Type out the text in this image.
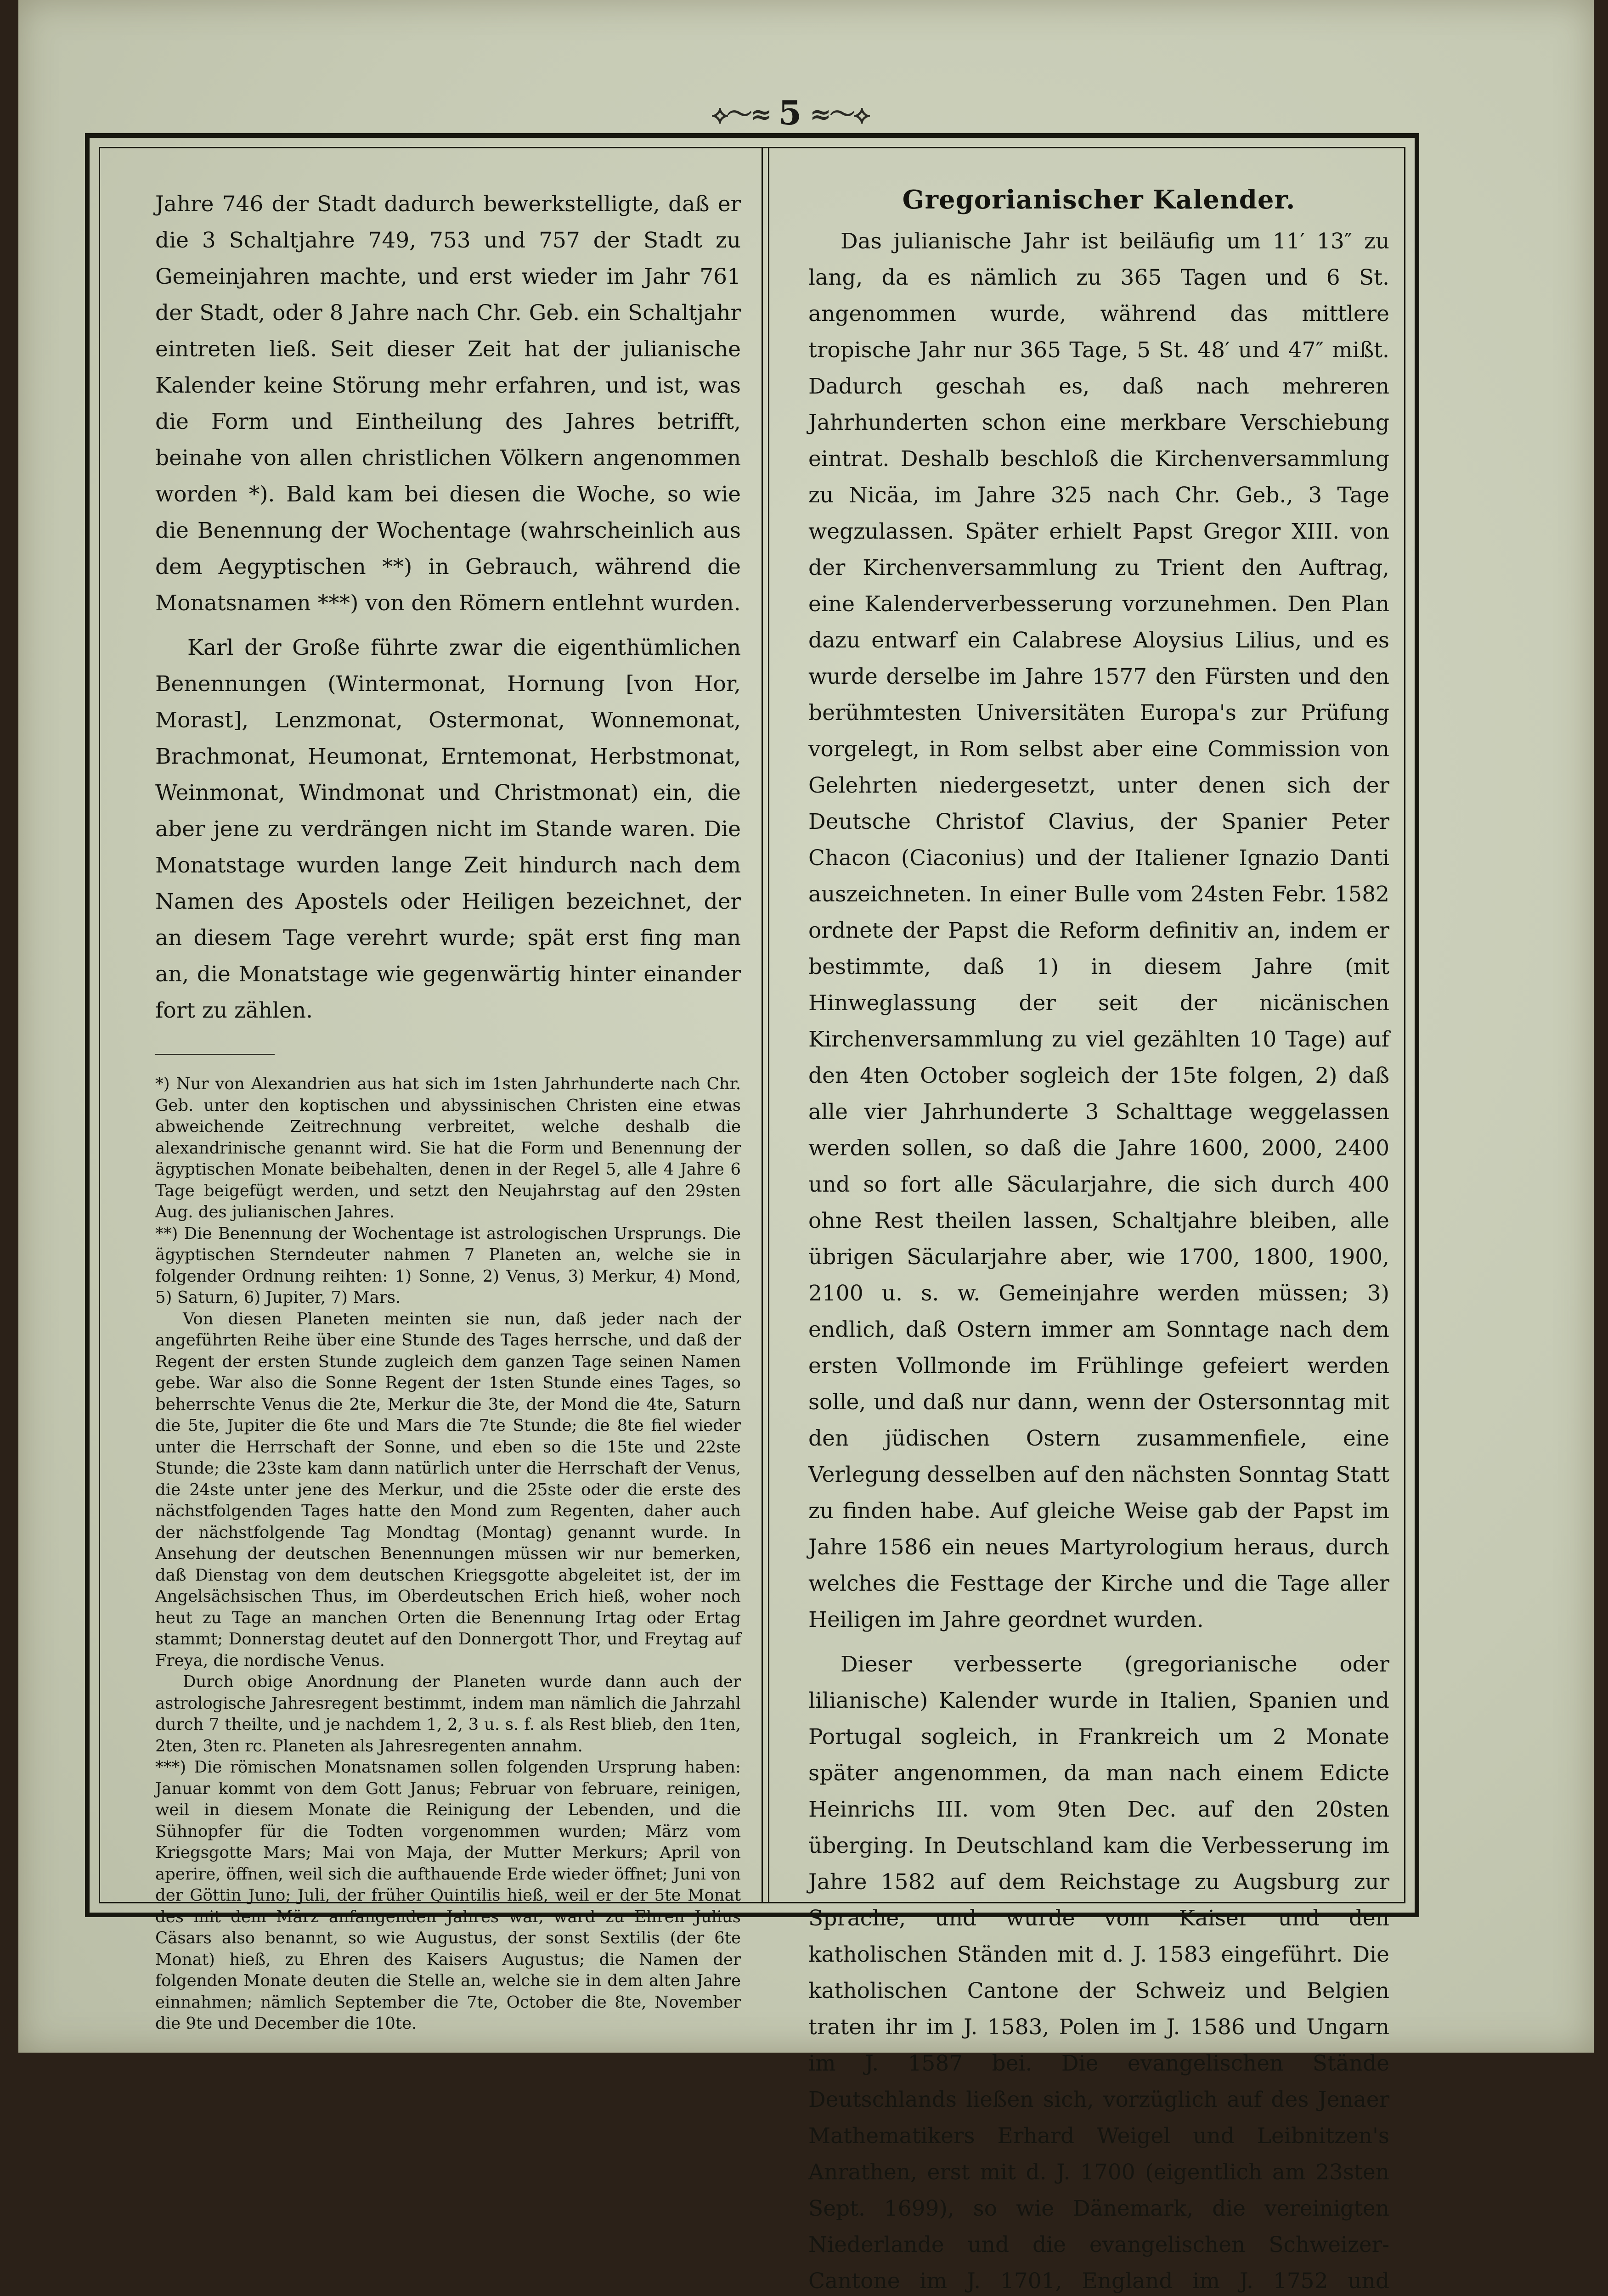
⟡〜≈ 5 ≈〜⟡

Jahre 746 der Stadt dadurch bewerkstelligte, daß er die 3 Schaltjahre 749, 753 und 757 der Stadt zu Gemeinjahren machte, und erst wieder im Jahr 761 der Stadt, oder 8 Jahre nach Chr. Geb. ein Schaltjahr eintreten ließ. Seit dieser Zeit hat der julianische Kalender keine Störung mehr erfahren, und ist, was die Form und Eintheilung des Jahres betrifft, beinahe von allen christlichen Völkern angenommen worden *). Bald kam bei diesen die Woche, so wie die Benennung der Wochentage (wahrscheinlich aus dem Aegyptischen **) in Gebrauch, während die Monatsnamen ***) von den Römern entlehnt wurden.

Karl der Große führte zwar die eigenthümlichen Benennungen (Wintermonat, Hornung [von Hor, Morast], Lenzmonat, Ostermonat, Wonnemonat, Brachmonat, Heumonat, Erntemonat, Herbstmonat, Weinmonat, Windmonat und Christmonat) ein, die aber jene zu verdrängen nicht im Stande waren. Die Monatstage wurden lange Zeit hindurch nach dem Namen des Apostels oder Heiligen bezeichnet, der an diesem Tage verehrt wurde; spät erst fing man an, die Monatstage wie gegenwärtig hinter einander fort zu zählen.

*) Nur von Alexandrien aus hat sich im 1sten Jahrhunderte nach Chr. Geb. unter den koptischen und abyssinischen Christen eine etwas abweichende Zeitrechnung verbreitet, welche deshalb die alexandrinische genannt wird. Sie hat die Form und Benennung der ägyptischen Monate beibehalten, denen in der Regel 5, alle 4 Jahre 6 Tage beigefügt werden, und setzt den Neujahrstag auf den 29sten Aug. des julianischen Jahres.

**) Die Benennung der Wochentage ist astrologischen Ursprungs. Die ägyptischen Sterndeuter nahmen 7 Planeten an, welche sie in folgender Ordnung reihten: 1) Sonne, 2) Venus, 3) Merkur, 4) Mond, 5) Saturn, 6) Jupiter, 7) Mars.

Von diesen Planeten meinten sie nun, daß jeder nach der angeführten Reihe über eine Stunde des Tages herrsche, und daß der Regent der ersten Stunde zugleich dem ganzen Tage seinen Namen gebe. War also die Sonne Regent der 1sten Stunde eines Tages, so beherrschte Venus die 2te, Merkur die 3te, der Mond die 4te, Saturn die 5te, Jupiter die 6te und Mars die 7te Stunde; die 8te fiel wieder unter die Herrschaft der Sonne, und eben so die 15te und 22ste Stunde; die 23ste kam dann natürlich unter die Herrschaft der Venus, die 24ste unter jene des Merkur, und die 25ste oder die erste des nächstfolgenden Tages hatte den Mond zum Regenten, daher auch der nächstfolgende Tag Mondtag (Montag) genannt wurde. In Ansehung der deutschen Benennungen müssen wir nur bemerken, daß Dienstag von dem deutschen Kriegsgotte abgeleitet ist, der im Angelsächsischen Thus, im Oberdeutschen Erich hieß, woher noch heut zu Tage an manchen Orten die Benennung Irtag oder Ertag stammt; Donnerstag deutet auf den Donnergott Thor, und Freytag auf Freya, die nordische Venus.

Durch obige Anordnung der Planeten wurde dann auch der astrologische Jahresregent bestimmt, indem man nämlich die Jahrzahl durch 7 theilte, und je nachdem 1, 2, 3 u. s. f. als Rest blieb, den 1ten, 2ten, 3ten rc. Planeten als Jahresregenten annahm.

***) Die römischen Monatsnamen sollen folgenden Ursprung haben: Januar kommt von dem Gott Janus; Februar von februare, reinigen, weil in diesem Monate die Reinigung der Lebenden, und die Sühnopfer für die Todten vorgenommen wurden; März vom Kriegsgotte Mars; Mai von Maja, der Mutter Merkurs; April von aperire, öffnen, weil sich die aufthauende Erde wieder öffnet; Juni von der Göttin Juno; Juli, der früher Quintilis hieß, weil er der 5te Monat des mit dem März anfangenden Jahres war, ward zu Ehren Julius Cäsars also benannt, so wie Augustus, der sonst Sextilis (der 6te Monat) hieß, zu Ehren des Kaisers Augustus; die Namen der folgenden Monate deuten die Stelle an, welche sie in dem alten Jahre einnahmen; nämlich September die 7te, October die 8te, November die 9te und December die 10te.

Gregorianischer Kalender.

Das julianische Jahr ist beiläufig um 11′ 13″ zu lang, da es nämlich zu 365 Tagen und 6 St. angenommen wurde, während das mittlere tropische Jahr nur 365 Tage, 5 St. 48′ und 47″ mißt. Dadurch geschah es, daß nach mehreren Jahrhunderten schon eine merkbare Verschiebung eintrat. Deshalb beschloß die Kirchenversammlung zu Nicäa, im Jahre 325 nach Chr. Geb., 3 Tage wegzulassen. Später erhielt Papst Gregor XIII. von der Kirchenversammlung zu Trient den Auftrag, eine Kalenderverbesserung vorzunehmen. Den Plan dazu entwarf ein Calabrese Aloysius Lilius, und es wurde derselbe im Jahre 1577 den Fürsten und den berühmtesten Universitäten Europa's zur Prüfung vorgelegt, in Rom selbst aber eine Commission von Gelehrten niedergesetzt, unter denen sich der Deutsche Christof Clavius, der Spanier Peter Chacon (Ciaconius) und der Italiener Ignazio Danti auszeichneten. In einer Bulle vom 24sten Febr. 1582 ordnete der Papst die Reform definitiv an, indem er bestimmte, daß 1) in diesem Jahre (mit Hinweglassung der seit der nicänischen Kirchenversammlung zu viel gezählten 10 Tage) auf den 4ten October sogleich der 15te folgen, 2) daß alle vier Jahrhunderte 3 Schalttage weggelassen werden sollen, so daß die Jahre 1600, 2000, 2400 und so fort alle Säcularjahre, die sich durch 400 ohne Rest theilen lassen, Schaltjahre bleiben, alle übrigen Säcularjahre aber, wie 1700, 1800, 1900, 2100 u. s. w. Gemeinjahre werden müssen; 3) endlich, daß Ostern immer am Sonntage nach dem ersten Vollmonde im Frühlinge gefeiert werden solle, und daß nur dann, wenn der Ostersonntag mit den jüdischen Ostern zusammenfiele, eine Verlegung desselben auf den nächsten Sonntag Statt zu finden habe. Auf gleiche Weise gab der Papst im Jahre 1586 ein neues Martyrologium heraus, durch welches die Festtage der Kirche und die Tage aller Heiligen im Jahre geordnet wurden.

Dieser verbesserte (gregorianische oder lilianische) Kalender wurde in Italien, Spanien und Portugal sogleich, in Frankreich um 2 Monate später angenommen, da man nach einem Edicte Heinrichs III. vom 9ten Dec. auf den 20sten überging. In Deutschland kam die Verbesserung im Jahre 1582 auf dem Reichstage zu Augsburg zur Sprache, und wurde vom Kaiser und den katholischen Ständen mit d. J. 1583 eingeführt. Die katholischen Cantone der Schweiz und Belgien traten ihr im J. 1583, Polen im J. 1586 und Ungarn im J. 1587 bei. Die evangelischen Stände Deutschlands ließen sich, vorzüglich auf des Jenaer Mathematikers Erhard Weigel und Leibnitzen's Anrathen, erst mit d. J. 1700 (eigentlich am 23sten Sept. 1699), so wie Dänemark, die vereinigten Niederlande und die evangelischen Schweizer-Cantone im J. 1701, England im J. 1752 und
